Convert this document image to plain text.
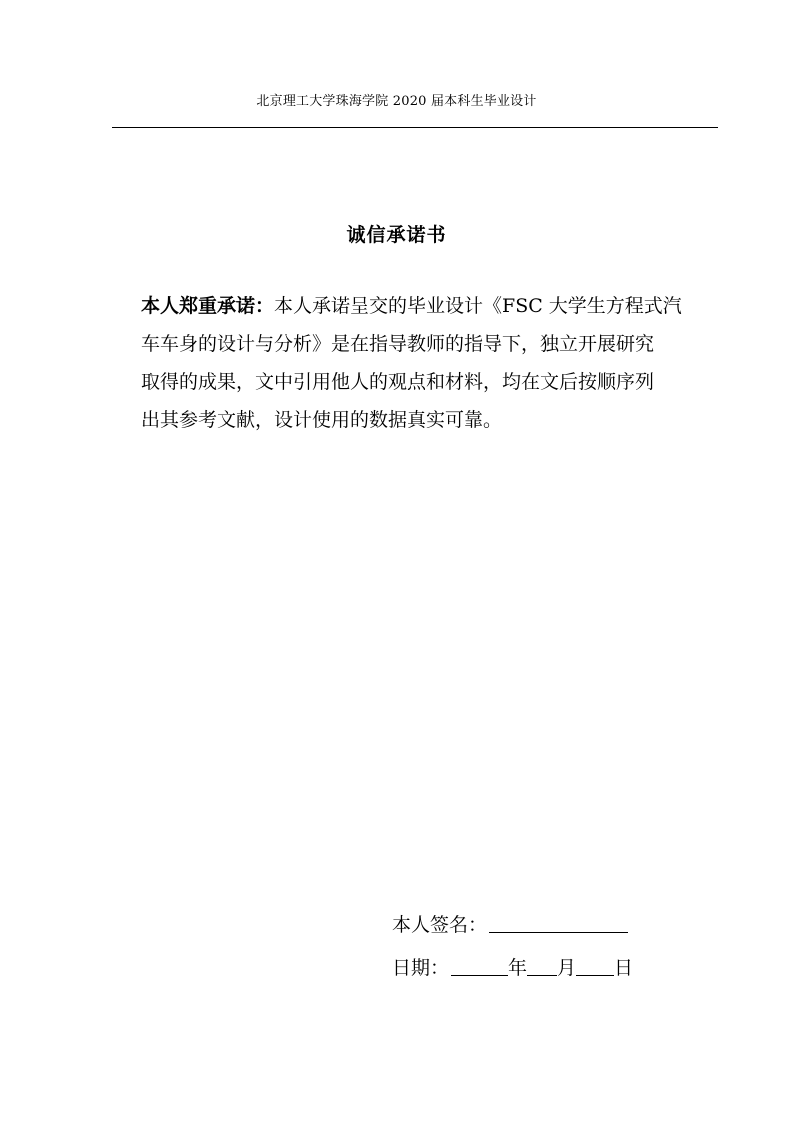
北京理工大学珠海学院 2020 届本科生毕业设计
诚信承诺书
本人郑重承诺：本人承诺呈交的毕业设计《FSC 大学生方程式汽
车车身的设计与分析》是在指导教师的指导下，独立开展研究
取得的成果，文中引用他人的观点和材料，均在文后按顺序列
出其参考文献，设计使用的数据真实可靠。
本人签名：
日期：	年 月 日
